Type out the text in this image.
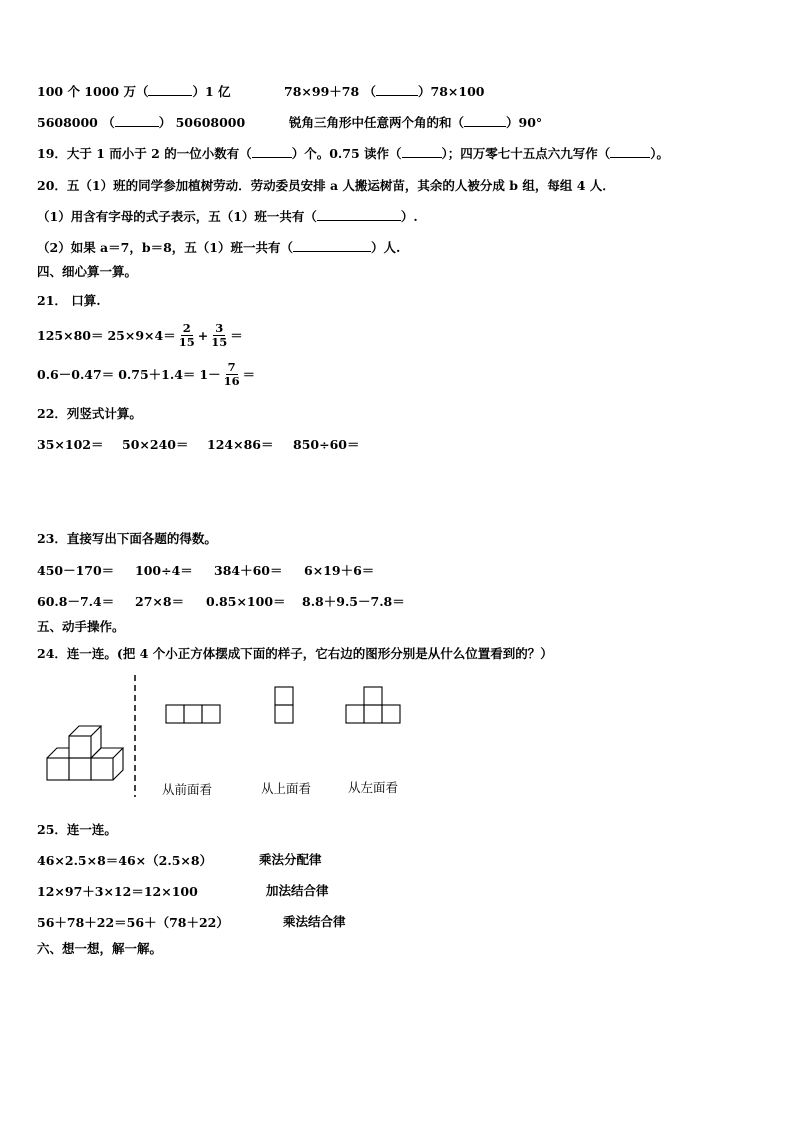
100 个 1000 万（	）1 亿	78×99＋78 （	）78×100
5608000 （	） 50608000	锐角三角形中任意两个角的和（	）90°
19．大于 1 而小于 2 的一位小数有（	）个。0.75 读作（	）；四万零七十五点六九写作（	）。
20．五（1）班的同学参加植树劳动．劳动委员安排 a 人搬运树苗，其余的人被分成 b 组，每组 4 人．
（1）用含有字母的式子表示，五（1）班一共有（	）.
（2）如果 a＝7，b＝8，五（1）班一共有（	）人.
四、细心算一算。
21． 口算.
$125\times 80= 25\times 9\times 4= \frac{2}{15} + \frac{3}{15}$ ＝
$0.6-0.47= 0.75+1.4= 1- \frac{7}{16}$ ＝
22．列竖式计算。
35×102＝ 50×240＝ 124×86＝ 850÷60＝
23．直接写出下面各题的得数。
450－170＝ 100÷4＝ 384＋60＝ 6×19＋6＝
60.8－7.4＝ 27×8＝ 0.85×100＝ 8.8＋9.5－7.8＝
五、动手操作。
24．连一连。(把 4 个小正方体摆成下面的样子，它右边的图形分别是从什么位置看到的？）
从前面看	从上面看	从左面看
25．连一连。
46×2.5×8＝46×（2.5×8）	乘法分配律
12×97＋3×12＝12×100	加法结合律
56＋78＋22＝56＋（78＋22）	乘法结合律
六、想一想，解一解。
